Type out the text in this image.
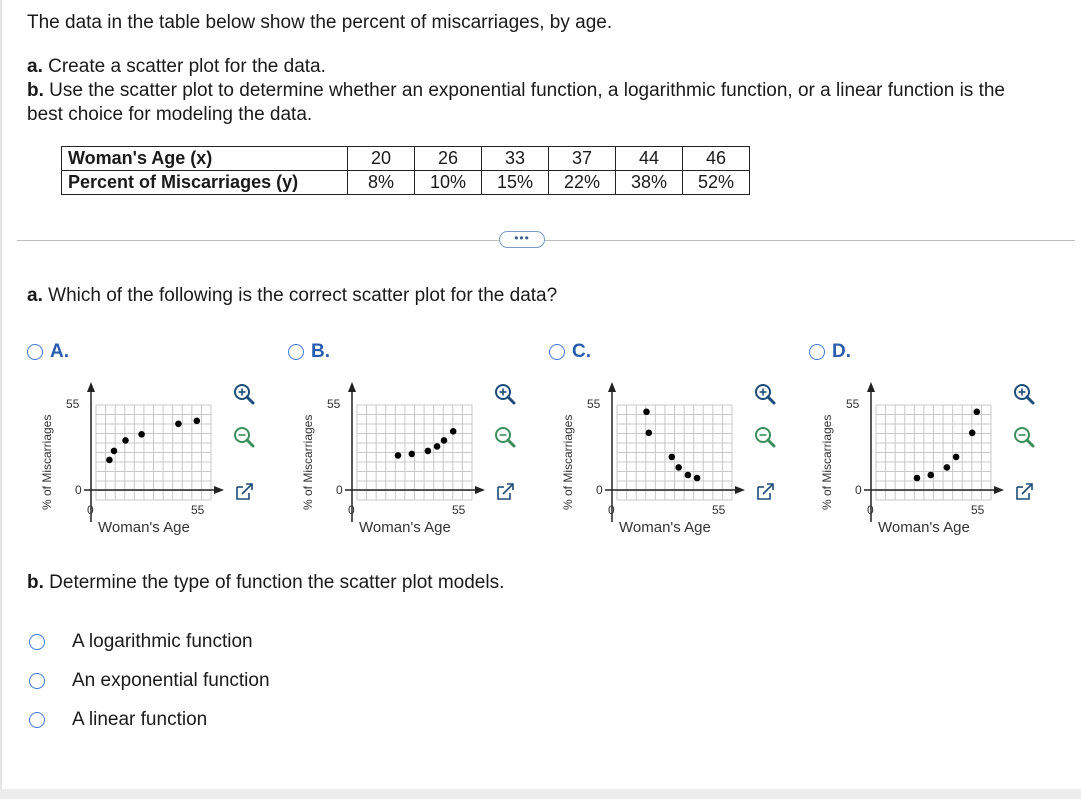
The data in the table below show the percent of miscarriages, by age.

a. Create a scatter plot for the data.

b. Use the scatter plot to determine whether an exponential function, a logarithmic function, or a linear function is the

best choice for modeling the data.

Woman's Age (x)	20	26	33	37	44	46
Percent of Miscarriages (y)	8%	10%	15%	22%	38%	52%
•••

a. Which of the following is the correct scatter plot for the data?

A.	B.	C.	D.
% of Miscarriages
55
0
0	55
Woman's Age
% of Miscarriages
55
0
0	55
Woman's Age
% of Miscarriages
55
0
0	55
Woman's Age
% of Miscarriages
55
0
0	55
Woman's Age

b. Determine the type of function the scatter plot models.

A logarithmic function
An exponential function
A linear function
